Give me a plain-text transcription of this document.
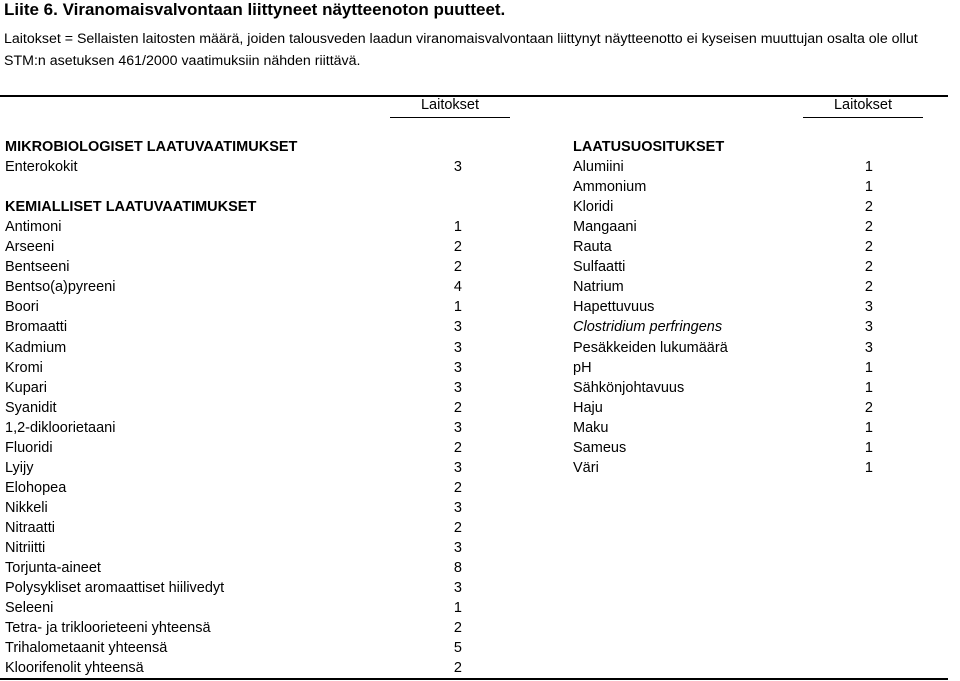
Liite 6. Viranomaisvalvontaan liittyneet näytteenoton puutteet.
Laitokset = Sellaisten laitosten määrä, joiden talousveden laadun viranomaisvalvontaan liittynyt näytteenotto ei kyseisen muuttujan osalta ole ollut STM:n asetuksen 461/2000 vaatimuksiin nähden riittävä.
Laitokset	Laitokset
MIKROBIOLOGISET LAATUVAATIMUKSET
Enterokokit	3
KEMIALLISET LAATUVAATIMUKSET
Antimoni	1
Arseeni	2
Bentseeni	2
Bentso(a)pyreeni	4
Boori	1
Bromaatti	3
Kadmium	3
Kromi	3
Kupari	3
Syanidit	2
1,2-dikloorietaani	3
Fluoridi	2
Lyijy	3
Elohopea	2
Nikkeli	3
Nitraatti	2
Nitriitti	3
Torjunta-aineet	8
Polysykliset aromaattiset hiilivedyt	3
Seleeni	1
Tetra- ja trikloorieteeni yhteensä	2
Trihalometaanit yhteensä	5
Kloorifenolit yhteensä	2
LAATUSUOSITUKSET
Alumiini	1
Ammonium	1
Kloridi	2
Mangaani	2
Rauta	2
Sulfaatti	2
Natrium	2
Hapettuvuus	3
Clostridium perfringens	3
Pesäkkeiden lukumäärä	3
pH	1
Sähkönjohtavuus	1
Haju	2
Maku	1
Sameus	1
Väri	1
